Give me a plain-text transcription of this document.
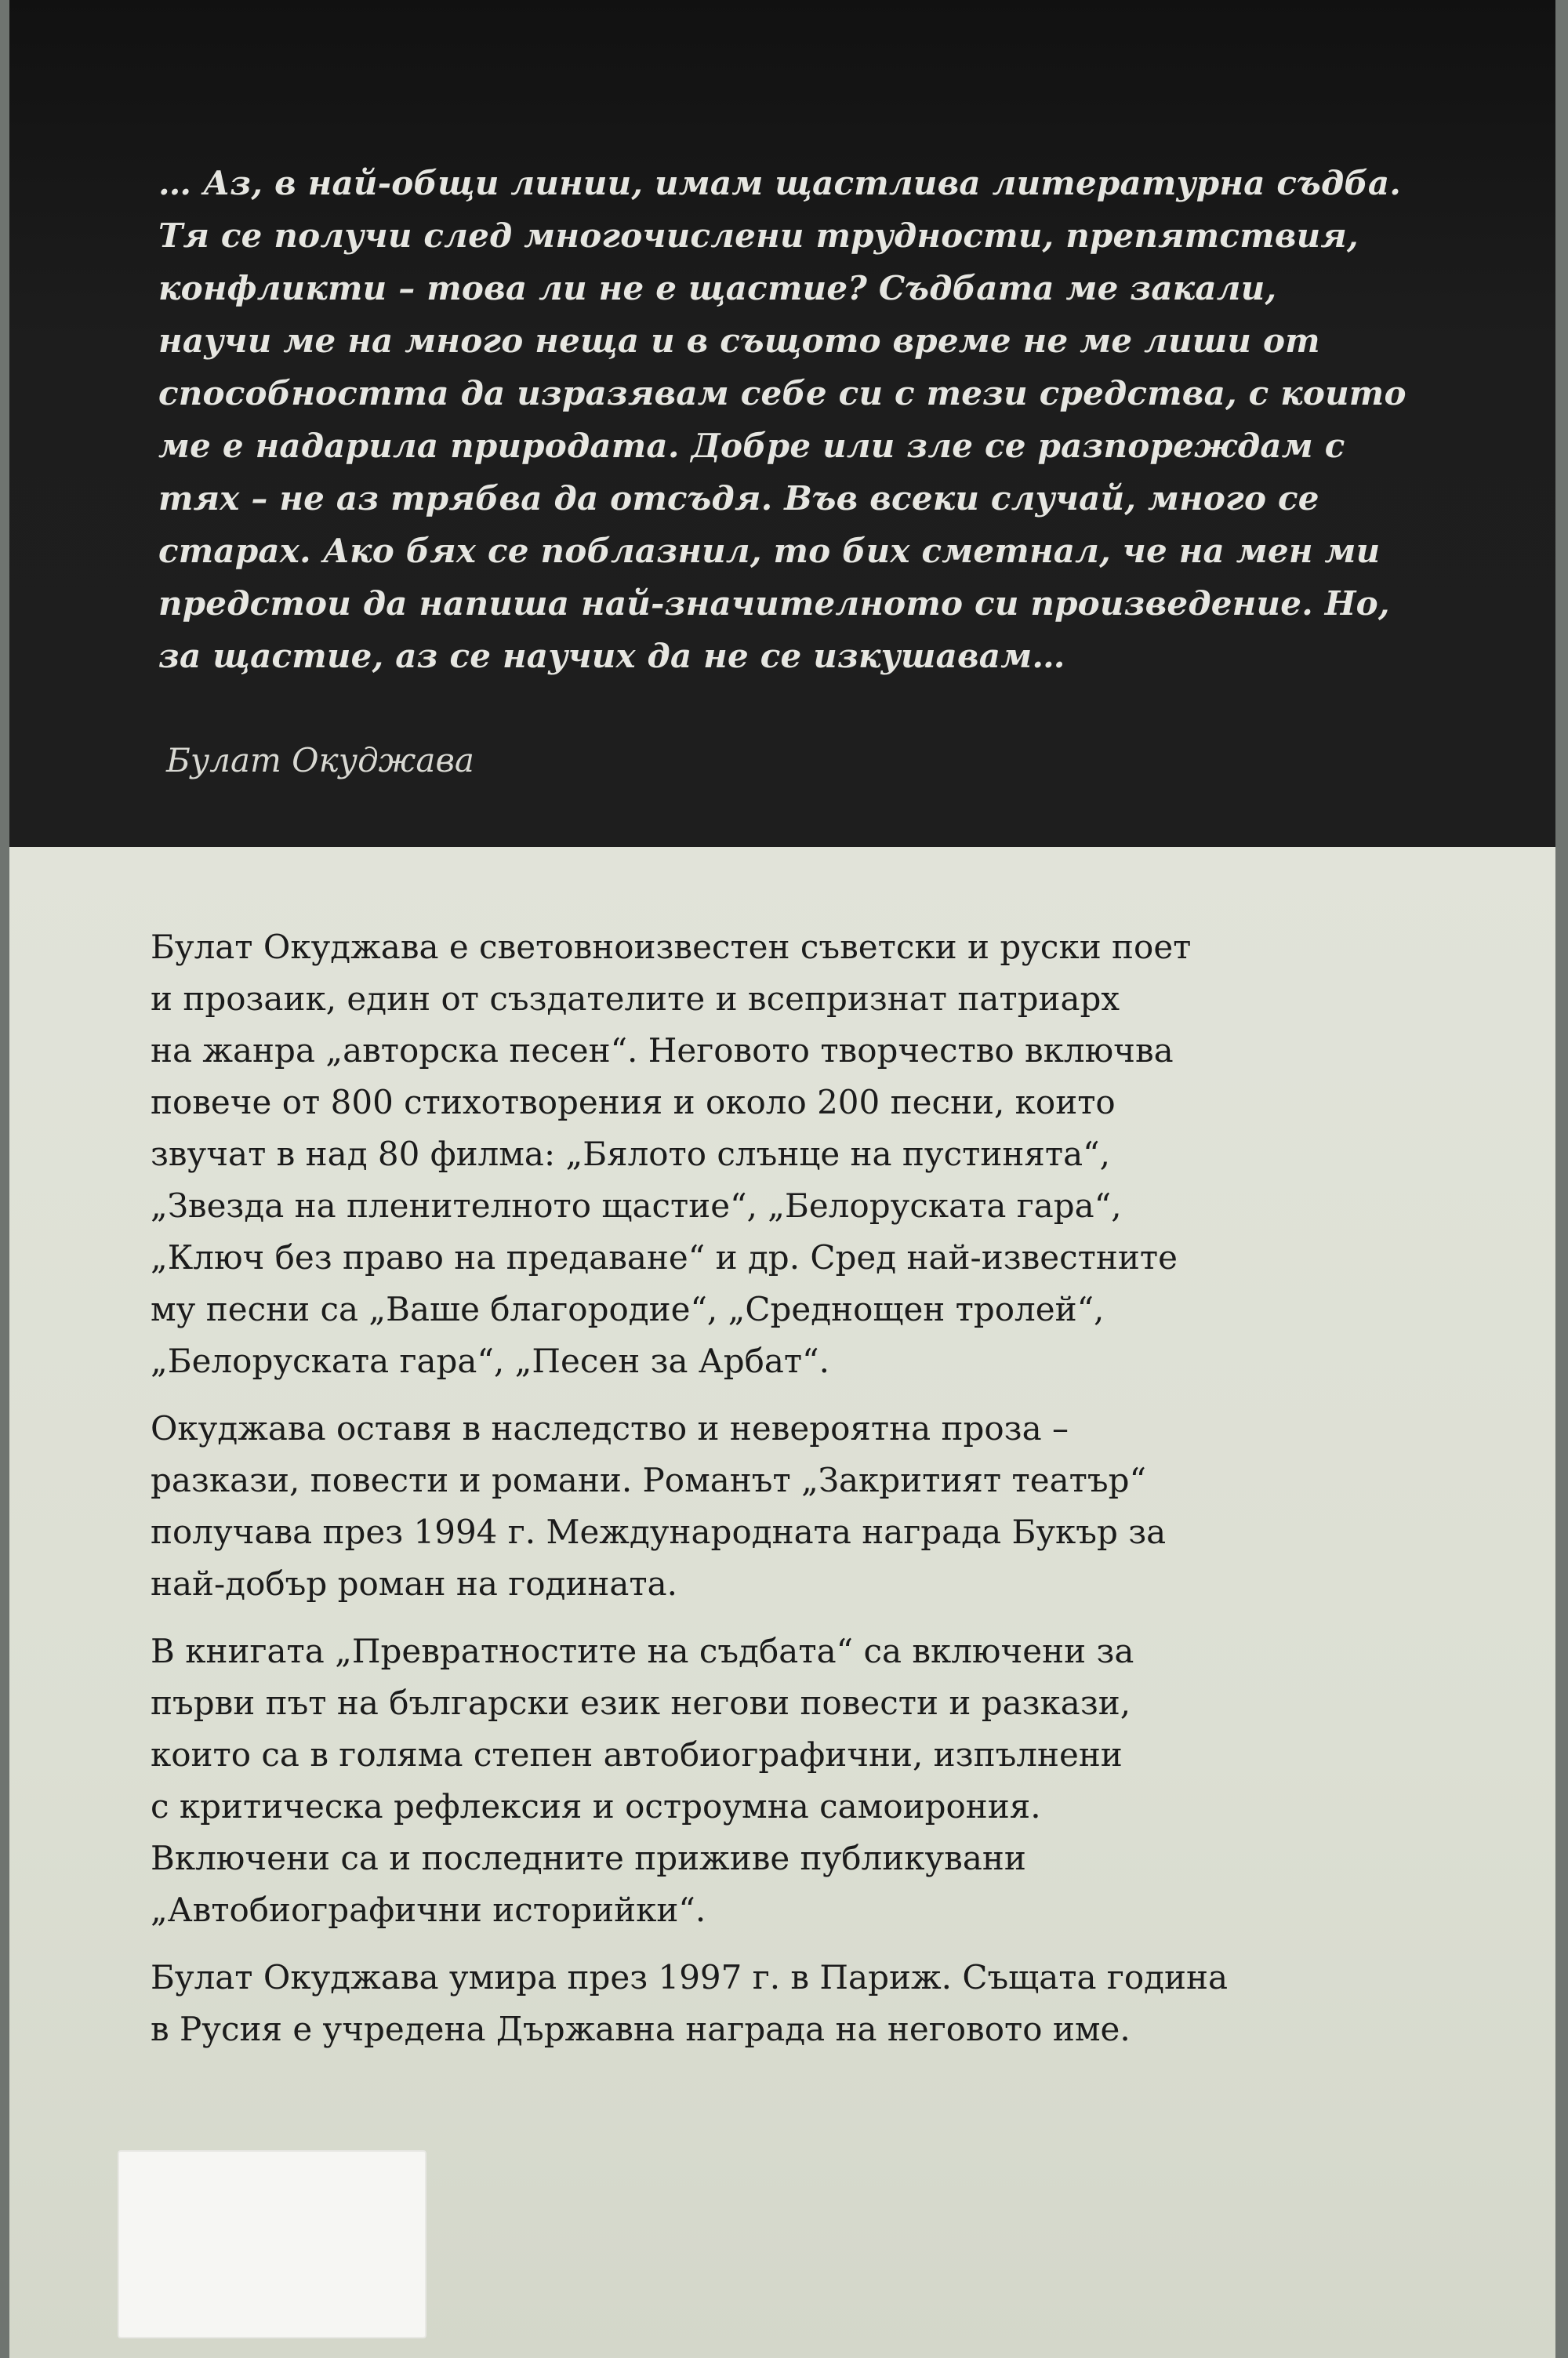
… Аз, в най-общи линии, имам щастлива литературна съдба.
Тя се получи след многочислени трудности, препятствия,
конфликти – това ли не е щастие? Съдбата ме закали,
научи ме на много неща и в същото време не ме лиши от
способността да изразявам себе си с тези средства, с които
ме е надарила природата. Добре или зле се разпореждам с
тях – не аз трябва да отсъдя. Във всеки случай, много се
старах. Ако бях се поблазнил, то бих сметнал, че на мен ми
предстои да напиша най-значителното си произведение. Но,
за щастие, аз се научих да не се изкушавам…

Булат Окуджава

Булат Окуджава е световноизвестен съветски и руски поет
и прозаик, един от създателите и всепризнат патриарх
на жанра „авторска песен“. Неговото творчество включва
повече от 800 стихотворения и около 200 песни, които
звучат в над 80 филма: „Бялото слънце на пустинята“,
„Звезда на пленителното щастие“, „Белоруската гара“,
„Ключ без право на предаване“ и др. Сред най-известните
му песни са „Ваше благородие“, „Среднощен тролей“,
„Белоруската гара“, „Песен за Арбат“.

Окуджава оставя в наследство и невероятна проза –
разкази, повести и романи. Романът „Закритият театър“
получава през 1994 г. Международната награда Букър за
най-добър роман на годината.

В книгата „Превратностите на съдбата“ са включени за
първи път на български език негови повести и разкази,
които са в голяма степен автобиографични, изпълнени
с критическа рефлексия и остроумна самоирония.
Включени са и последните приживе публикувани
„Автобиографични историйки“.

Булат Окуджава умира през 1997 г. в Париж. Същата година
в Русия е учредена Държавна награда на неговото име.
